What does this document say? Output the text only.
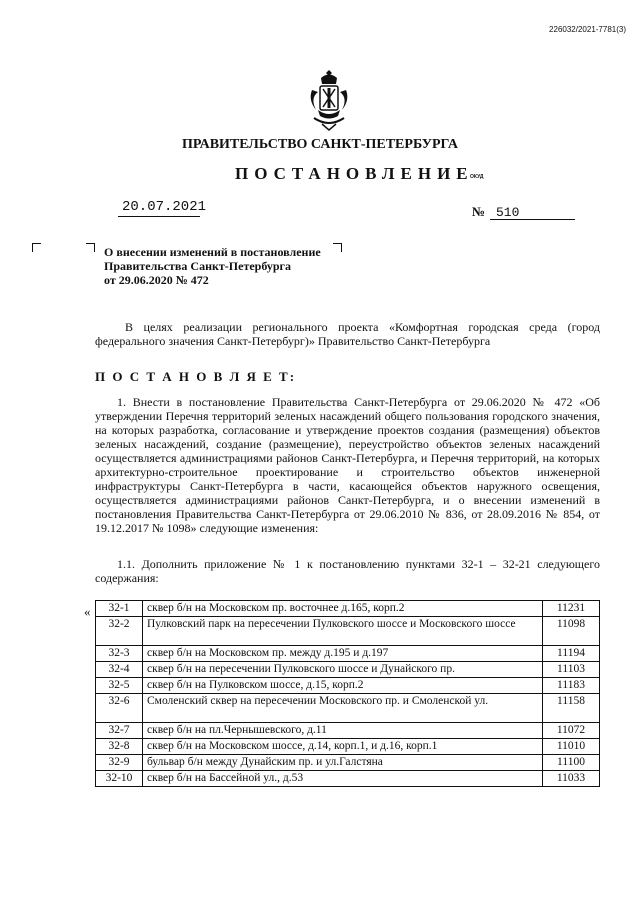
226032/2021-7781(3)
ПРАВИТЕЛЬСТВО САНКТ-ПЕТЕРБУРГА
ПОСТАНОВЛЕНИЕ
ОКУД
20.07.2021	№ 510
О внесении изменений в постановление
Правительства Санкт-Петербурга
от 29.06.2020 № 472
В целях реализации регионального проекта «Комфортная городская среда (город федерального значения Санкт-Петербург)» Правительство Санкт-Петербурга
П О С Т А Н О В Л Я Е Т:
1. Внести в постановление Правительства Санкт-Петербурга от 29.06.2020 № 472 «Об утверждении Перечня территорий зеленых насаждений общего пользования городского значения, на которых разработка, согласование и утверждение проектов создания (размещения) объектов зеленых насаждений, создание (размещение), переустройство объектов зеленых насаждений осуществляется администрациями районов Санкт-Петербурга, и Перечня территорий, на которых архитектурно-строительное проектирование и строительство объектов инженерной инфраструктуры Санкт-Петербурга в части, касающейся объектов наружного освещения, осуществляется администрациями районов Санкт-Петербурга, и о внесении изменений в постановления Правительства Санкт-Петербурга от 29.06.2010 № 836, от 28.09.2016 № 854, от 19.12.2017 № 1098» следующие изменения:
1.1. Дополнить приложение № 1 к постановлению пунктами 32-1 – 32-21 следующего содержания:
« 32-1	сквер б/н на Московском пр. восточнее д.165, корп.2	11231
32-2	Пулковский парк на пересечении Пулковского шоссе и Московского шоссе	11098
32-3	сквер б/н на Московском пр. между д.195 и д.197	11194
32-4	сквер б/н на пересечении Пулковского шоссе и Дунайского пр.	11103
32-5	сквер б/н на Пулковском шоссе, д.15, корп.2	11183
32-6	Смоленский сквер на пересечении Московского пр. и Смоленской ул.	11158
32-7	сквер б/н на пл.Чернышевского, д.11	11072
32-8	сквер б/н на Московском шоссе, д.14, корп.1, и д.16, корп.1	11010
32-9	бульвар б/н между Дунайским пр. и ул.Галстяна	11100
32-10	сквер б/н на Бассейной ул., д.53	11033
